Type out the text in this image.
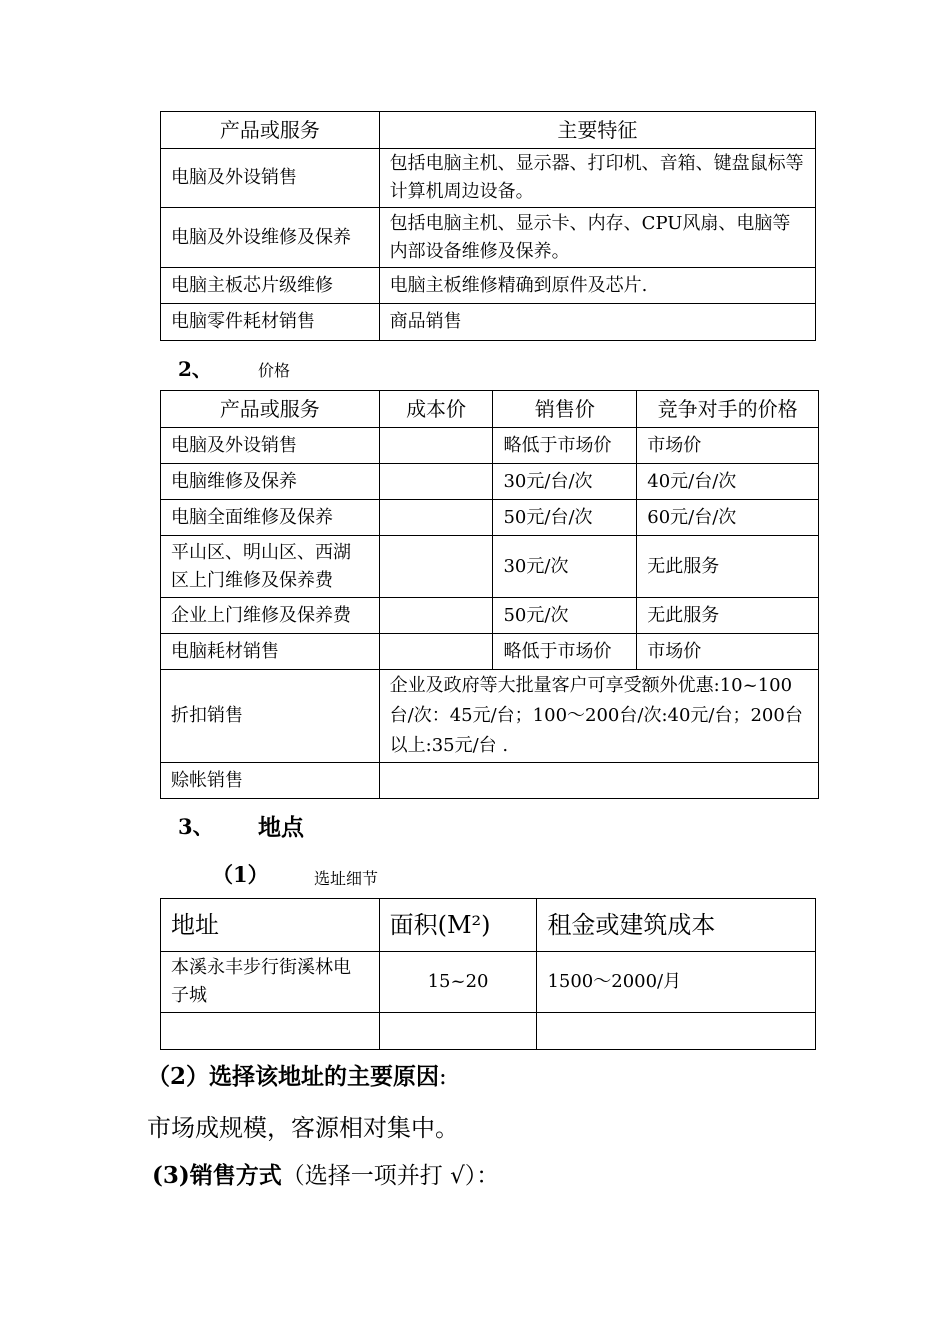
产品或服务	主要特征
电脑及外设销售	包括电脑主机、显示器、打印机、音箱、键盘鼠标等计算机周边设备。
电脑及外设维修及保养	包括电脑主机、显示卡、内存、CPU风扇、电脑等内部设备维修及保养。
电脑主板芯片级维修	电脑主板维修精确到原件及芯片.
电脑零件耗材销售	商品销售
2、	价格
产品或服务	成本价	销售价	竞争对手的价格
电脑及外设销售		略低于市场价	市场价
电脑维修及保养		30元/台/次	40元/台/次
电脑全面维修及保养		50元/台/次	60元/台/次
平山区、明山区、西湖区上门维修及保养费		30元/次	无此服务
企业上门维修及保养费		50元/次	无此服务
电脑耗材销售		略低于市场价	市场价
折扣销售	企业及政府等大批量客户可享受额外优惠:10~100台/次：45元/台；100～200台/次:40元/台；200台以上:35元/台 .		
赊帐销售			
3、 地点
（1）	选址细节
地址	面积(M²)	租金或建筑成本
本溪永丰步行街溪林电子城	15~20	1500～2000/月

（2）选择该地址的主要原因:
市场成规模，客源相对集中。
(3)销售方式（选择一项并打 √）：
